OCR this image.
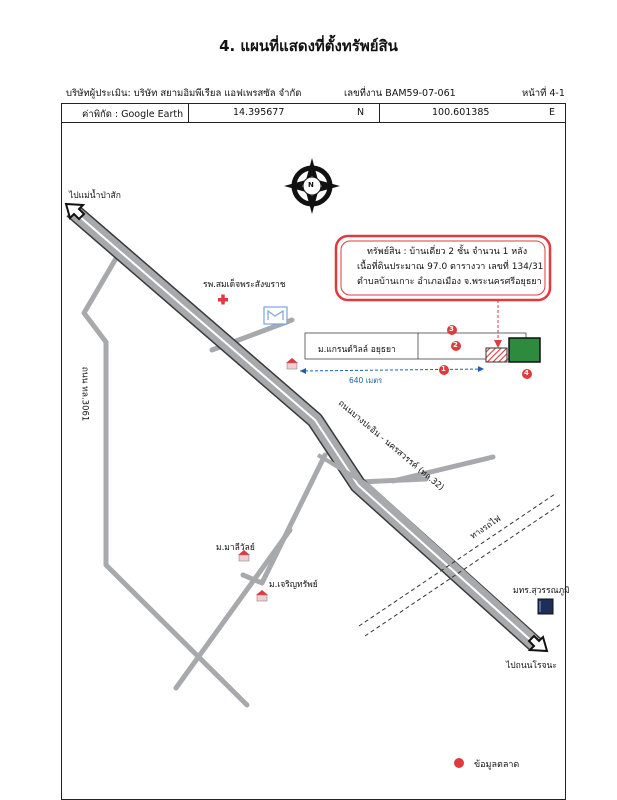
4. แผนที่แสดงที่ตั้งทรัพย์สิน
บริษัทผู้ประเมิน: บริษัท สยามอิมพีเรียล แอฟเพรสซัล จำกัด	เลขที่งาน BAM59-07-061	หน้าที่ 4-1
ค่าพิกัด : Google Earth	14.395677	N	100.601385	E
N
ทรัพย์สิน : บ้านเดี่ยว 2 ชั้น จำนวน 1 หลัง
เนื้อที่ดินประมาณ 97.0 ตารางวา เลขที่ 134/31
ตำบลบ้านเกาะ อำเภอเมือง จ.พระนครศรีอยุธยา
1
2
3
4
ไปแม่น้ำป่าสัก
รพ.สมเด็จพระสังฆราช
ม.แกรนด์วิลล์ อยุธยา
640 เมตร
ถนนบางปะอิน - นครสวรรค์ (ทล.32)
ถนน ทล.3061
ม.มาลีวัลย์
ม.เจริญทรัพย์
ทางรถไฟ
มทร.สุวรรณภูมิ
ไปถนนโรจนะ
ข้อมูลตลาด
